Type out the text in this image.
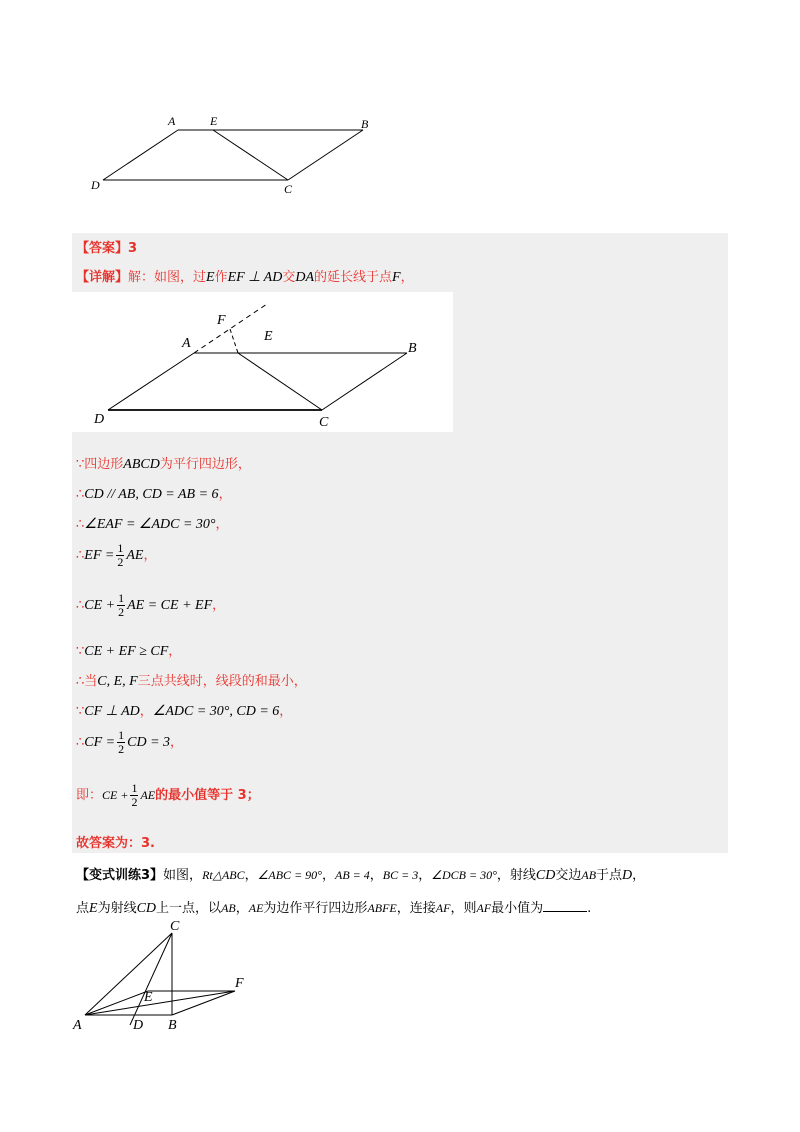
A	E	B
D	C
【答案】3
【详解】解：如图，过E作EF ⊥ AD交DA的延长线于点F，
F
A	E
B
D	C
∵四边形ABCD为平行四边形，
∴CD // AB, CD = AB = 6，
∴∠EAF = ∠ADC = 30°，
∴EF = $\frac{1}{2}$ AE，
∴CE + $\frac{1}{2}$ AE = CE + EF，
∵CE + EF ≥ CF，
∴当C, E, F三点共线时，线段的和最小，
∵CF ⊥ AD，∠ADC = 30°, CD = 6，
∴CF = $\frac{1}{2}$ CD = 3，
即：CE + $\frac{1}{2}$ AE的最小值等于 3；
故答案为：3.
【变式训练3】如图，Rt△ABC，∠ABC = 90°，AB = 4，BC = 3，∠DCB = 30°，射线CD交边AB于点D，
点E为射线CD上一点，以AB，AE为边作平行四边形ABFE，连接AF，则AF最小值为	.
C
E
F
A	D B
